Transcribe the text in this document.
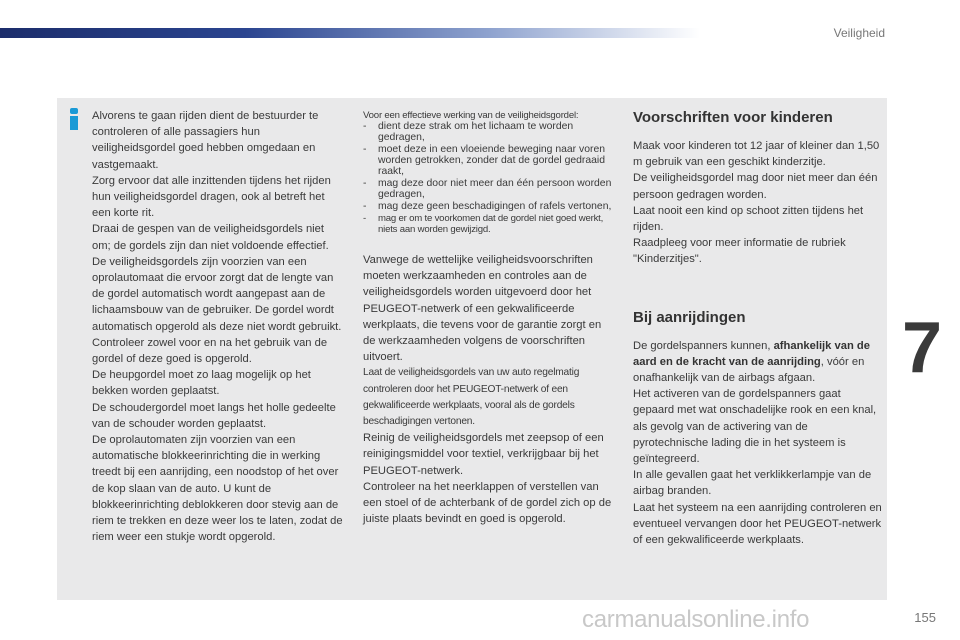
Veiligheid
7

Alvorens te gaan rijden dient de bestuurder te controleren of alle passagiers hun veiligheidsgordel goed hebben omgedaan en vastgemaakt.

Zorg ervoor dat alle inzittenden tijdens het rijden hun veiligheidsgordel dragen, ook al betreft het een korte rit.

Draai de gespen van de veiligheidsgordels niet om; de gordels zijn dan niet voldoende effectief.

De veiligheidsgordels zijn voorzien van een oprolautomaat die ervoor zorgt dat de lengte van de gordel automatisch wordt aangepast aan de lichaamsbouw van de gebruiker. De gordel wordt automatisch opgerold als deze niet wordt gebruikt.

Controleer zowel voor en na het gebruik van de gordel of deze goed is opgerold.

De heupgordel moet zo laag mogelijk op het bekken worden geplaatst.

De schoudergordel moet langs het holle gedeelte van de schouder worden geplaatst.

De oprolautomaten zijn voorzien van een automatische blokkeerinrichting die in werking treedt bij een aanrijding, een noodstop of het over de kop slaan van de auto. U kunt de blokkeerinrichting deblokkeren door stevig aan de riem te trekken en deze weer los te laten, zodat de riem weer een stukje wordt opgerold.

Voor een effectieve werking van de veiligheidsgordel:

- dient deze strak om het lichaam te worden gedragen,
- moet deze in een vloeiende beweging naar voren worden getrokken, zonder dat de gordel gedraaid raakt,
- mag deze door niet meer dan één persoon worden gedragen,
- mag deze geen beschadigingen of rafels vertonen,
- mag er om te voorkomen dat de gordel niet goed werkt, niets aan worden gewijzigd.

Vanwege de wettelijke veiligheidsvoorschriften moeten werkzaamheden en controles aan de veiligheidsgordels worden uitgevoerd door het PEUGEOT-netwerk of een gekwalificeerde werkplaats, die tevens voor de garantie zorgt en de werkzaamheden volgens de voorschriften uitvoert.

Laat de veiligheidsgordels van uw auto regelmatig controleren door het PEUGEOT-netwerk of een gekwalificeerde werkplaats, vooral als de gordels beschadigingen vertonen.

Reinig de veiligheidsgordels met zeepsop of een reinigingsmiddel voor textiel, verkrijgbaar bij het PEUGEOT-netwerk.

Controleer na het neerklappen of verstellen van een stoel of de achterbank of de gordel zich op de juiste plaats bevindt en goed is opgerold.

Voorschriften voor kinderen

Maak voor kinderen tot 12 jaar of kleiner dan 1,50 m gebruik van een geschikt kinderzitje.

De veiligheidsgordel mag door niet meer dan één persoon gedragen worden.

Laat nooit een kind op schoot zitten tijdens het rijden.

Raadpleeg voor meer informatie de rubriek "Kinderzitjes".

Bij aanrijdingen

De gordelspanners kunnen, afhankelijk van de aard en de kracht van de aanrijding, vóór en onafhankelijk van de airbags afgaan.

Het activeren van de gordelspanners gaat gepaard met wat onschadelijke rook en een knal, als gevolg van de activering van de pyrotechnische lading die in het systeem is geïntegreerd.

In alle gevallen gaat het verklikkerlampje van de airbag branden.

Laat het systeem na een aanrijding controleren en eventueel vervangen door het PEUGEOT-netwerk of een gekwalificeerde werkplaats.

carmanualsonline.info	155
